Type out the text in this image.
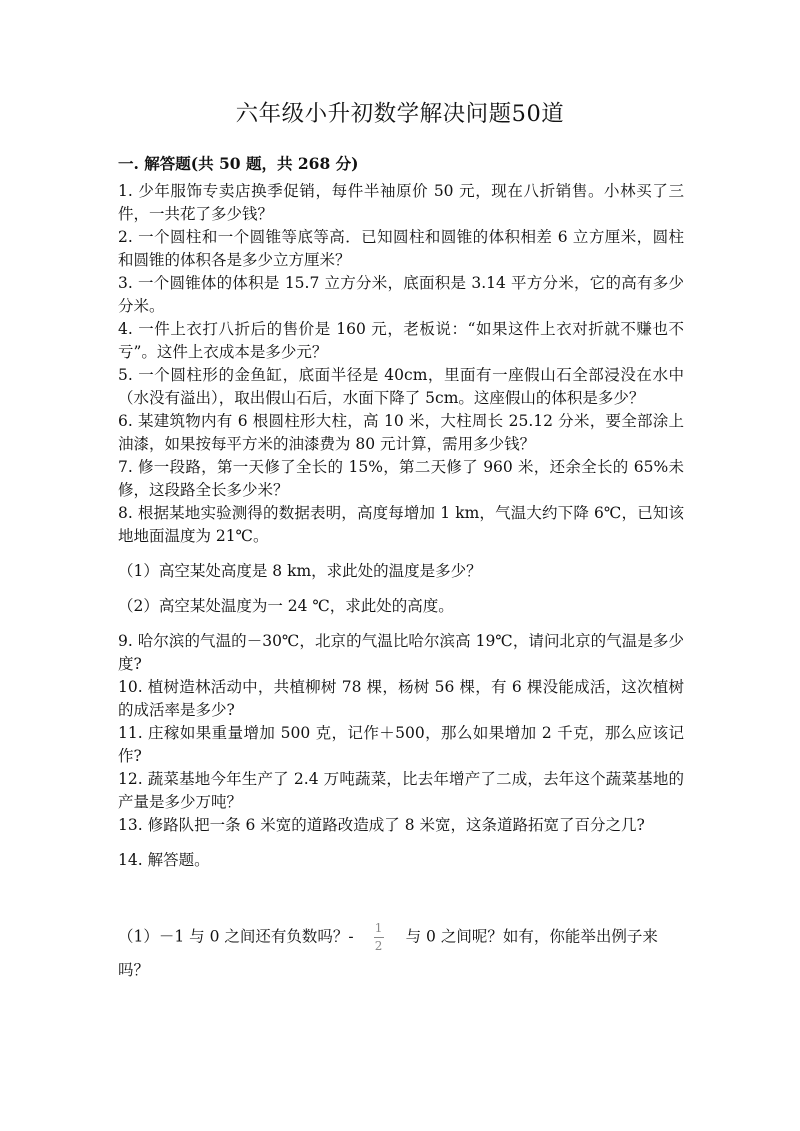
六年级小升初数学解决问题50道
一. 解答题(共 50 题，共 268 分)

1. 少年服饰专卖店换季促销，每件半袖原价 50 元，现在八折销售。小林买了三件，一共花了多少钱？

2. 一个圆柱和一个圆锥等底等高．已知圆柱和圆锥的体积相差 6 立方厘米，圆柱和圆锥的体积各是多少立方厘米？

3. 一个圆锥体的体积是 15.7 立方分米，底面积是 3.14 平方分米，它的高有多少分米。

4. 一件上衣打八折后的售价是 160 元，老板说：“如果这件上衣对折就不赚也不亏”。这件上衣成本是多少元？

5. 一个圆柱形的金鱼缸，底面半径是 40cm，里面有一座假山石全部浸没在水中（水没有溢出），取出假山石后，水面下降了 5cm。这座假山的体积是多少？

6. 某建筑物内有 6 根圆柱形大柱，高 10 米，大柱周长 25.12 分米，要全部涂上油漆，如果按每平方米的油漆费为 80 元计算，需用多少钱？

7. 修一段路，第一天修了全长的 15%，第二天修了 960 米，还余全长的 65%未修，这段路全长多少米？

8. 根据某地实验测得的数据表明，高度每增加 1 km，气温大约下降 6℃，已知该地地面温度为 21℃。

（1）高空某处高度是 8 km，求此处的温度是多少？

（2）高空某处温度为一 24 ℃，求此处的高度。

9. 哈尔滨的气温的－30℃，北京的气温比哈尔滨高 19℃，请问北京的气温是多少度?

10. 植树造林活动中，共植柳树 78 棵，杨树 56 棵，有 6 棵没能成活，这次植树的成活率是多少?

11. 庄稼如果重量增加 500 克，记作＋500，那么如果增加 2 千克，那么应该记作?

12. 蔬菜基地今年生产了 2.4 万吨蔬菜，比去年增产了二成，去年这个蔬菜基地的产量是多少万吨？

13. 修路队把一条 6 米宽的道路改造成了 8 米宽，这条道路拓宽了百分之几?

14. 解答题。

（1）－1 与 0 之间还有负数吗？- $\frac{1}{2}$ 与 0 之间呢？如有，你能举出例子来

吗？
